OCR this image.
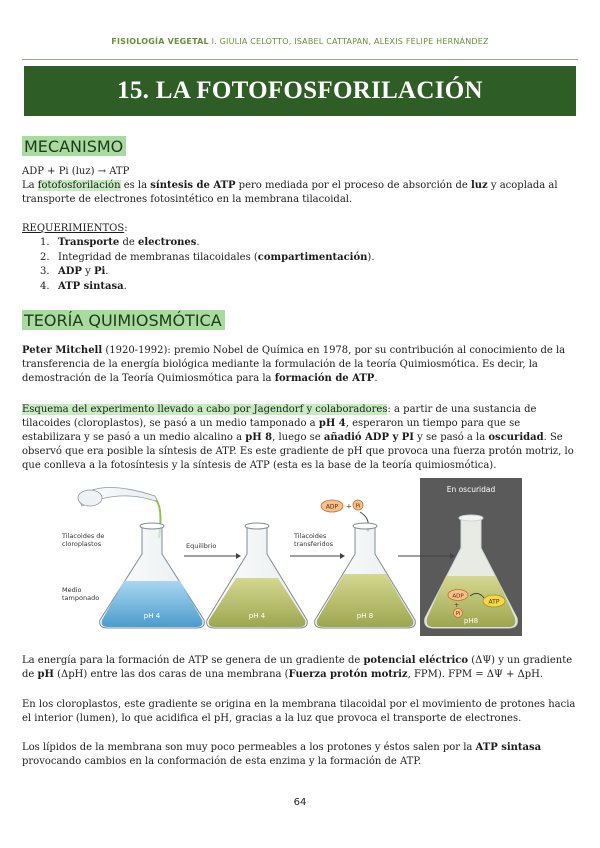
FISIOLOGÍA VEGETAL I. GIULIA CELOTTO, ISABEL CATTAPAN, ALEXIS FELIPE HERNÁNDEZ
15. LA FOTOFOSFORILACIÓN
MECANISMO
ADP + Pi (luz) → ATP
La fotofosforilación es la síntesis de ATP pero mediada por el proceso de absorción de luz y acoplada al transporte de electrones fotosintético en la membrana tilacoidal.
REQUERIMIENTOS:
1. Transporte de electrones.
2. Integridad de membranas tilacoidales (compartimentación).
3. ADP y Pi.
4. ATP sintasa.
TEORÍA QUIMIOSMÓTICA
Peter Mitchell (1920-1992): premio Nobel de Química en 1978, por su contribución al conocimiento de la transferencia de la energía biológica mediante la formulación de la teoría Quimiosmótica. Es decir, la demostración de la Teoría Quimiosmótica para la formación de ATP.
Esquema del experimento llevado a cabo por Jagendorf y colaboradores: a partir de una sustancia de tilacoides (cloroplastos), se pasó a un medio tamponado a pH 4, esperaron un tiempo para que se estabilizara y se pasó a un medio alcalino a pH 8, luego se añadió ADP y PI y se pasó a la oscuridad. Se observó que era posible la síntesis de ATP. Es este gradiente de pH que provoca una fuerza protón motriz, lo que conlleva a la fotosíntesis y la síntesis de ATP (esta es la base de la teoría quimiosmótica).
En oscuridad
Tilacoides de
cloroplastos
Medio
tamponado
pH 4
Equilibrio
pH 4
Tilacoides
transferidos
ADP + Pi
pH 8
ADP
+
Pi
ATP
pH8
La energía para la formación de ATP se genera de un gradiente de potencial eléctrico (ΔΨ) y un gradiente de pH (ΔpH) entre las dos caras de una membrana (Fuerza protón motriz, FPM). FPM = ΔΨ + ΔpH.
En los cloroplastos, este gradiente se origina en la membrana tilacoidal por el movimiento de protones hacia el interior (lumen), lo que acidifica el pH, gracias a la luz que provoca el transporte de electrones.
Los lípidos de la membrana son muy poco permeables a los protones y éstos salen por la ATP sintasa provocando cambios en la conformación de esta enzima y la formación de ATP.
64
